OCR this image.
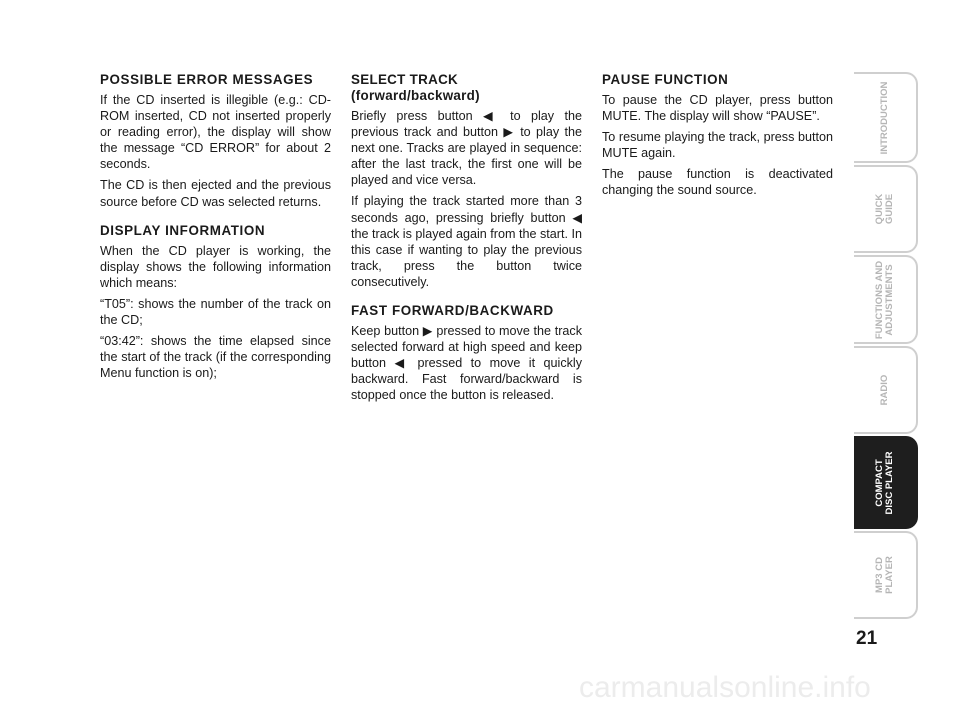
POSSIBLE ERROR MESSAGES
If the CD inserted is illegible (e.g.: CD-ROM inserted, CD not inserted properly or reading error), the display will show the message “CD ERROR” for about 2 seconds.
The CD is then ejected and the previous source before CD was selected returns.
DISPLAY INFORMATION
When the CD player is working, the display shows the following information which means:
“T05”: shows the number of the track on the CD;
“03:42”: shows the time elapsed since the start of the track (if the corresponding Menu function is on);
SELECT TRACK
(forward/backward)
Briefly press button ◀ to play the previous track and button ▶ to play the next one. Tracks are played in sequence: after the last track, the first one will be played and vice versa.
If playing the track started more than 3 seconds ago, pressing briefly button ◀ the track is played again from the start. In this case if wanting to play the previous track, press the button twice consecutively.
FAST FORWARD/BACKWARD
Keep button ▶ pressed to move the track selected forward at high speed and keep button ◀ pressed to move it quickly backward. Fast forward/backward is stopped once the button is released.
PAUSE FUNCTION
To pause the CD player, press button MUTE. The display will show “PAUSE”.
To resume playing the track, press button MUTE again.
The pause function is deactivated changing the sound source.
INTRODUCTION
QUICK GUIDE
FUNCTIONS AND ADJUSTMENTS
RADIO
COMPACT DISC PLAYER
MP3 CD PLAYER
21
carmanualsonline.info
